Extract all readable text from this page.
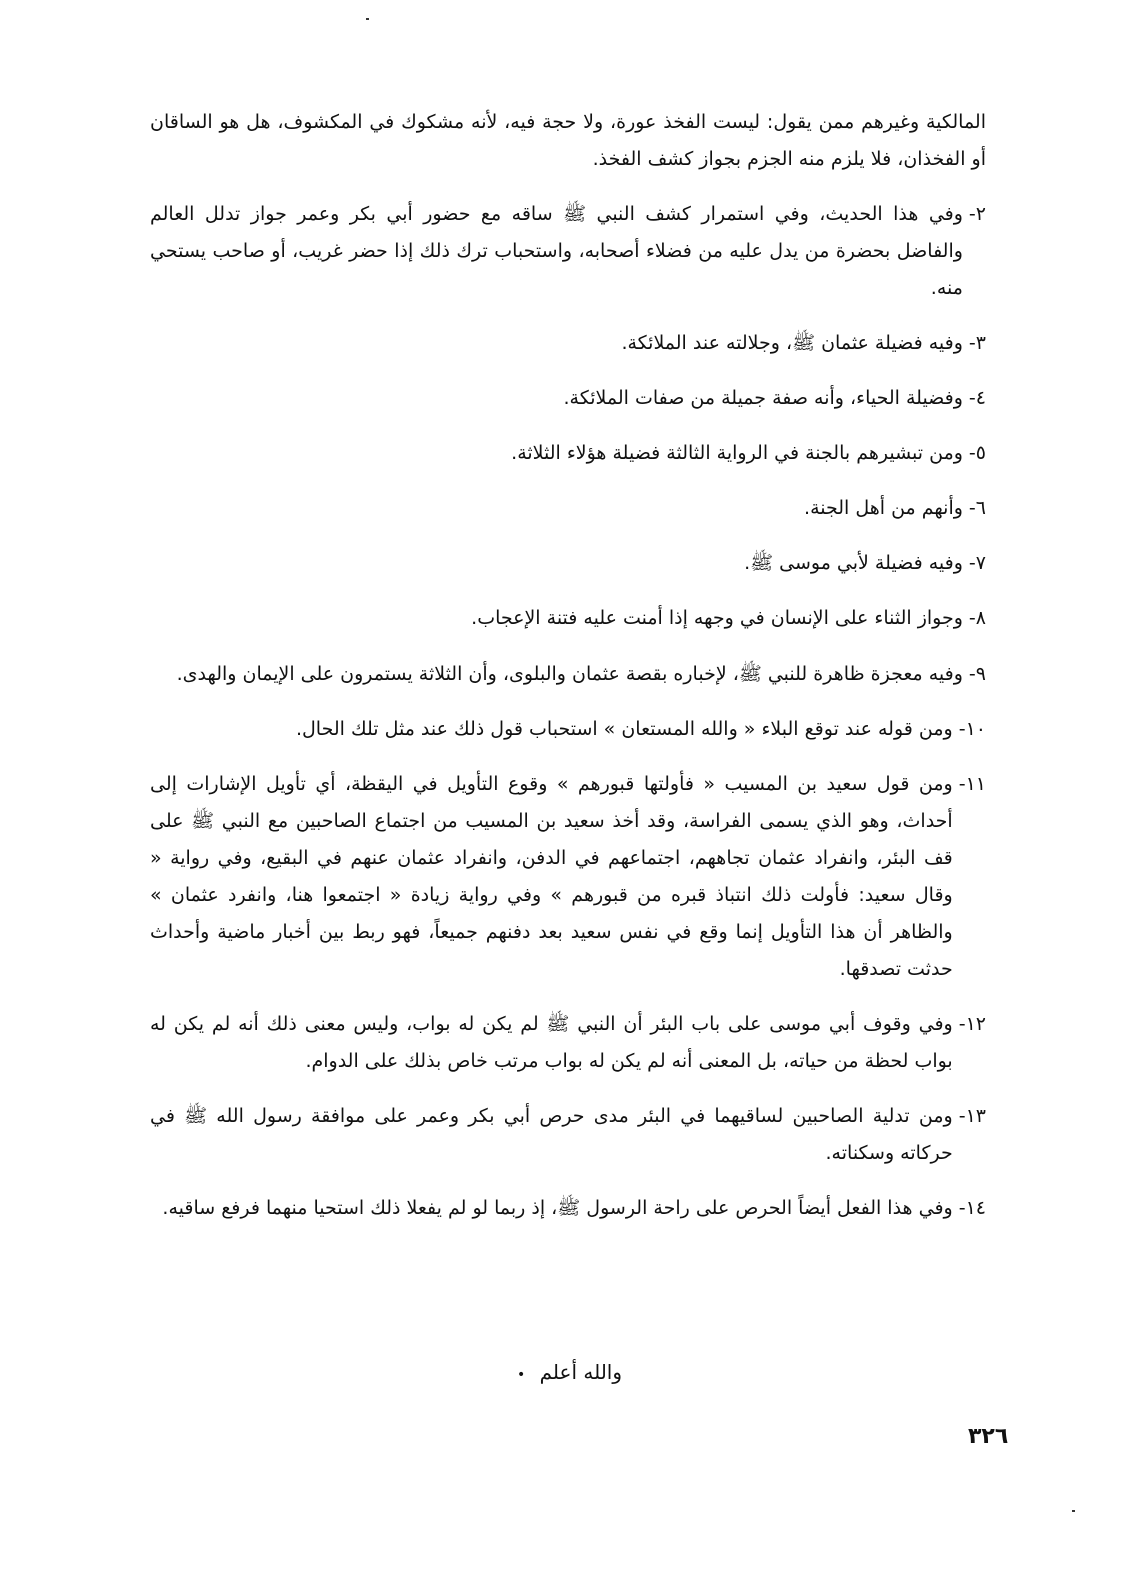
المالكية وغيرهم ممن يقول: ليست الفخذ عورة، ولا حجة فيه، لأنه مشكوك في المكشوف، هل هو الساقان أو الفخذان، فلا يلزم منه الجزم بجواز كشف الفخذ.

٢-
وفي هذا الحديث، وفي استمرار كشف النبي ﷺ ساقه مع حضور أبي بكر وعمر جواز تدلل العالم والفاضل بحضرة من يدل عليه من فضلاء أصحابه، واستحباب ترك ذلك إذا حضر غريب، أو صاحب يستحي منه.
٣-
وفيه فضيلة عثمان ﷺ، وجلالته عند الملائكة.
٤-
وفضيلة الحياء، وأنه صفة جميلة من صفات الملائكة.
٥-
ومن تبشيرهم بالجنة في الرواية الثالثة فضيلة هؤلاء الثلاثة.
٦-
وأنهم من أهل الجنة.
٧-
وفيه فضيلة لأبي موسى ﷺ.
٨-
وجواز الثناء على الإنسان في وجهه إذا أمنت عليه فتنة الإعجاب.
٩-
وفيه معجزة ظاهرة للنبي ﷺ، لإخباره بقصة عثمان والبلوى، وأن الثلاثة يستمرون على الإيمان والهدى.
١٠-
ومن قوله عند توقع البلاء « والله المستعان » استحباب قول ذلك عند مثل تلك الحال.
١١-
ومن قول سعيد بن المسيب « فأولتها قبورهم » وقوع التأويل في اليقظة، أي تأويل الإشارات إلى أحداث، وهو الذي يسمى الفراسة، وقد أخذ سعيد بن المسيب من اجتماع الصاحبين مع النبي ﷺ على قف البئر، وانفراد عثمان تجاههم، اجتماعهم في الدفن، وانفراد عثمان عنهم في البقيع، وفي رواية « وقال سعيد: فأولت ذلك انتباذ قبره من قبورهم » وفي رواية زيادة « اجتمعوا هنا، وانفرد عثمان » والظاهر أن هذا التأويل إنما وقع في نفس سعيد بعد دفنهم جميعاً، فهو ربط بين أخبار ماضية وأحداث حدثت تصدقها.
١٢-
وفي وقوف أبي موسى على باب البئر أن النبي ﷺ لم يكن له بواب، وليس معنى ذلك أنه لم يكن له بواب لحظة من حياته، بل المعنى أنه لم يكن له بواب مرتب خاص بذلك على الدوام.
١٣-
ومن تدلية الصاحبين لساقيهما في البئر مدى حرص أبي بكر وعمر على موافقة رسول الله ﷺ في حركاته وسكناته.
١٤-
وفي هذا الفعل أيضاً الحرص على راحة الرسول ﷺ، إذ ربما لو لم يفعلا ذلك استحيا منهما فرفع ساقيه.
والله أعلم •
٣٢٦
